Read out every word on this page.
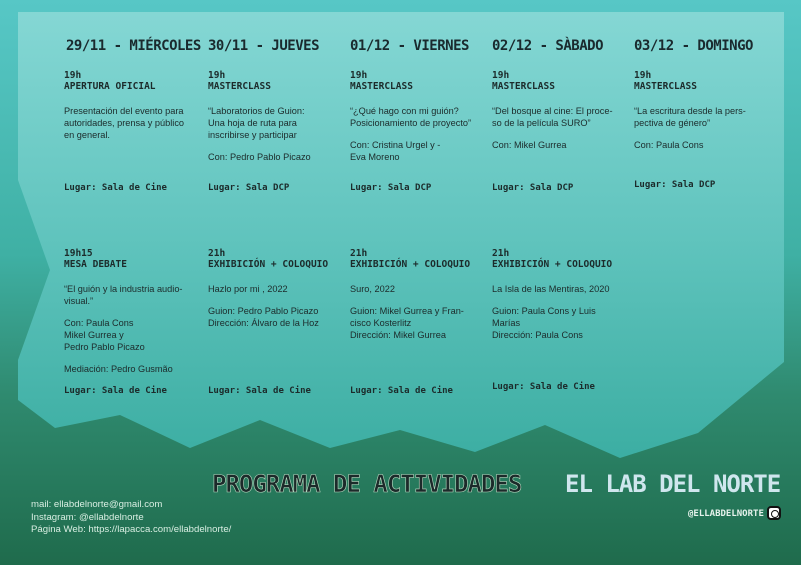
29/11 - MIÉRCOLES 30/11 - JUEVES 01/12 - VIERNES 02/12 - SÀBADO 03/12 - DOMINGO
19h
APERTURA OFICIAL
Presentación del evento para
autoridades, prensa y público
en general.
Lugar: Sala de Cine
19h
MASTERCLASS
“Laboratorios de Guion:
Una hoja de ruta para
inscribirse y participar
Con: Pedro Pablo Picazo
Lugar: Sala DCP
19h
MASTERCLASS
“¿Qué hago con mi guión?
Posicionamiento de proyecto”
Con: Cristina Urgel y -
Eva Moreno
Lugar: Sala DCP
19h
MASTERCLASS
“Del bosque al cine: El proce-
so de la película SURO”
Con: Mikel Gurrea
Lugar: Sala DCP
19h
MASTERCLASS
“La escritura desde la pers-
pectiva de género”
Con: Paula Cons
Lugar: Sala DCP
19h15
MESA DEBATE
“El guión y la industria audio-
visual.”
Con: Paula Cons
Mikel Gurrea y
Pedro Pablo Picazo
Mediación: Pedro Gusmão
Lugar: Sala de Cine
21h
EXHIBICIÓN + COLOQUIO
Hazlo por mi , 2022
Guion: Pedro Pablo Picazo
Dirección: Álvaro de la Hoz
Lugar: Sala de Cine
21h
EXHIBICIÓN + COLOQUIO
Suro, 2022
Guion: Mikel Gurrea y Fran-
cisco Kosterlitz
Dirección: Mikel Gurrea
Lugar: Sala de Cine
21h
EXHIBICIÓN + COLOQUIO
La Isla de las Mentiras, 2020
Guion: Paula Cons y Luis
Marías
Dirección: Paula Cons
Lugar: Sala de Cine
PROGRAMA DE ACTIVIDADES EL LAB DEL NORTE
@ELLABDELNORTE
mail: ellabdelnorte@gmail.com
Instagram: @ellabdelnorte
Página Web: https://lapacca.com/ellabdelnorte/
